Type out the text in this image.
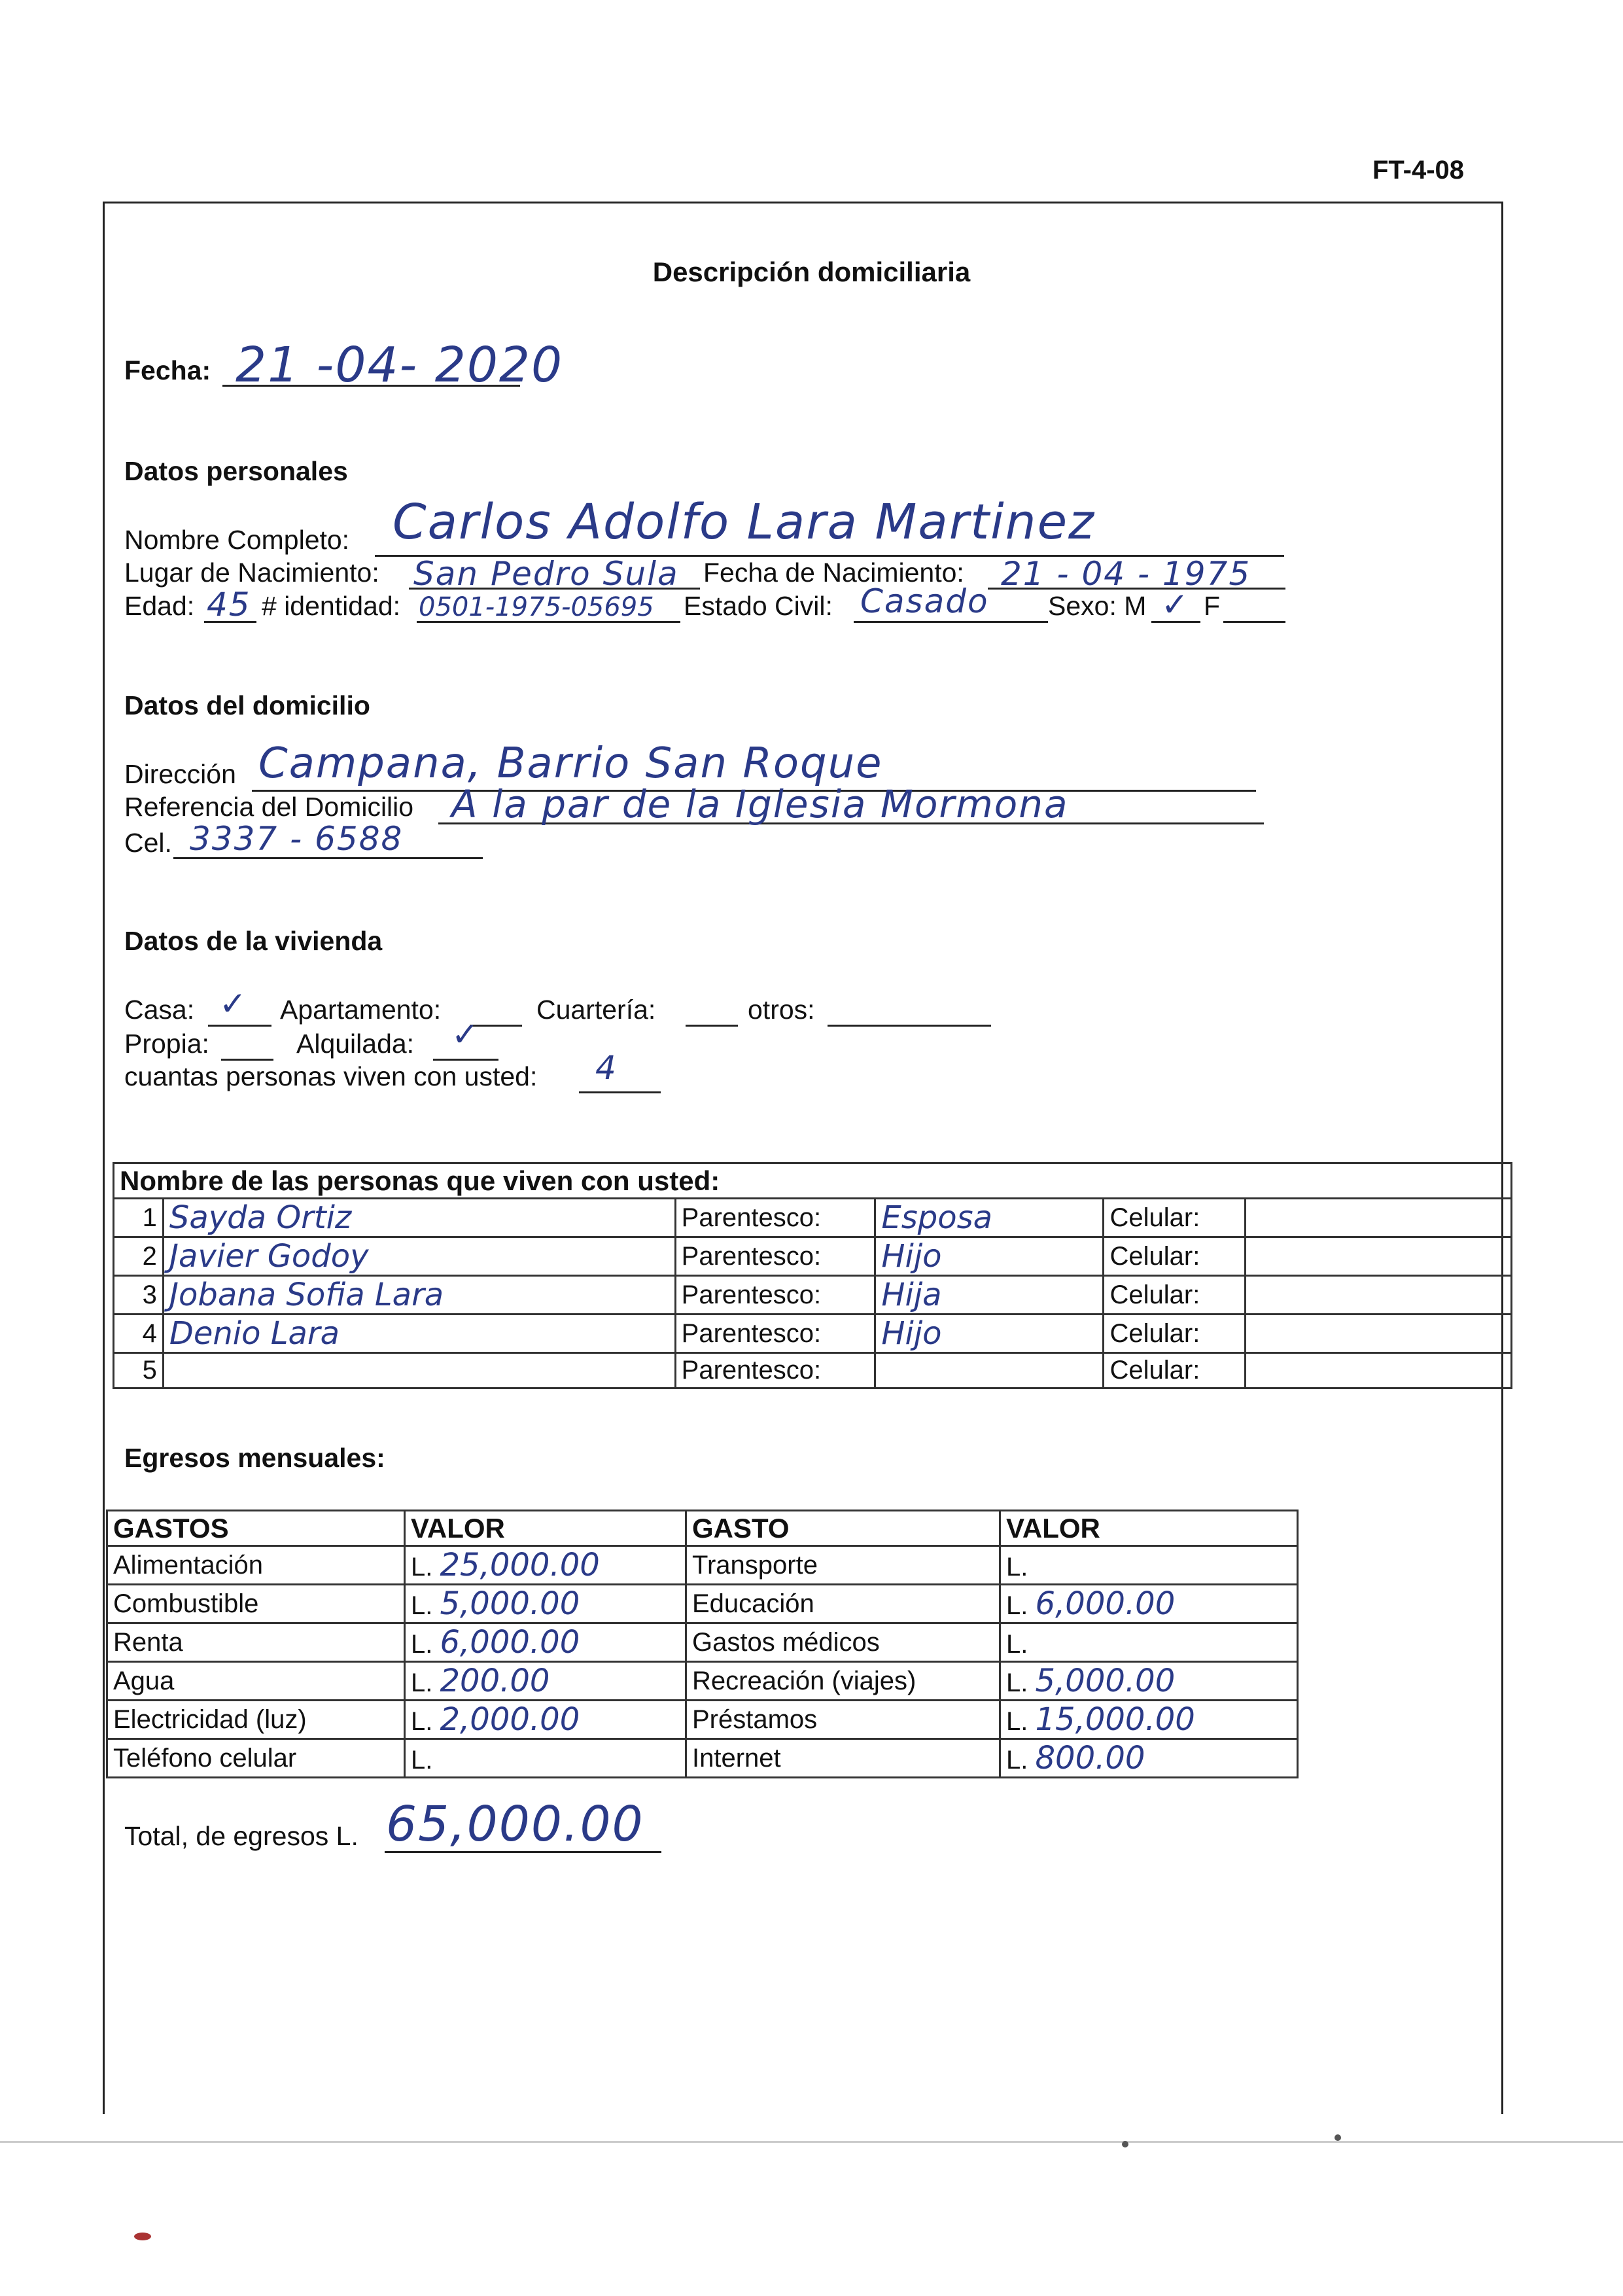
FT-4-08
Descripción domiciliaria
Fecha: 21 -04- 2020
Datos personales
Nombre Completo: Carlos Adolfo Lara Martinez
Lugar de Nacimiento: San Pedro Sula Fecha de Nacimiento: 21 - 04 - 1975
Edad: 45 # identidad: 0501-1975-05695 Estado Civil: Casado Sexo: M ✓ F
Datos del domicilio
Dirección Campana, Barrio San Roque
Referencia del Domicilio A la par de la Iglesia Mormona
Cel. 3337 - 6588
Datos de la vivienda
Casa: ✓ Apartamento:	Cuartería:	otros:
Propia:	Alquilada: ✓
cuantas personas viven con usted: 4
Nombre de las personas que viven con usted:					
1	Sayda Ortiz	Parentesco:	Esposa	Celular:	
2	Javier Godoy	Parentesco:	Hijo	Celular:	
3	Jobana Sofia Lara	Parentesco:	Hija	Celular:	
4	Denio Lara	Parentesco:	Hijo	Celular:	
5		Parentesco:		Celular:	
Egresos mensuales:
GASTOS	VALOR	GASTO	VALOR
Alimentación	L. 25,000.00	Transporte	L.
Combustible	L. 5,000.00	Educación	L. 6,000.00
Renta	L. 6,000.00	Gastos médicos	L.
Agua	L. 200.00	Recreación (viajes)	L. 5,000.00
Electricidad (luz)	L. 2,000.00	Préstamos	L. 15,000.00
Teléfono celular	L.	Internet	L. 800.00
Total, de egresos L. 65,000.00
